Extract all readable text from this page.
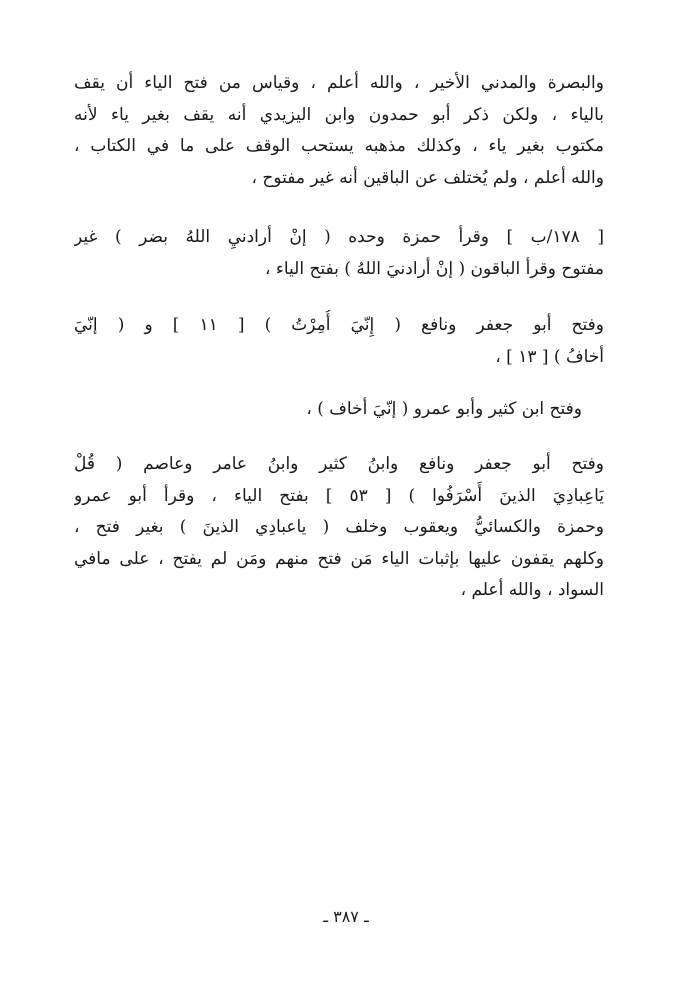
والبصرة والمدني الأخير ، والله أعلم ، وقياس من فتح الياء أن يقف
بالياء ، ولكن ذكر أبو حمدون وابن اليزيدي أنه يقف بغير ياء لأنه
مكتوب بغير ياء ، وكذلك مذهبه يستحب الوقف على ما في الكتاب ،
والله أعلم ، ولم يُختلف عن الباقين أنه غير مفتوح ،
[ ١٧٨/ب ] وقرأ حمزة وحده ( إنْ أرادنيِ اللهُ بضر ) غير
مفتوح وقرأ الباقون ( إنْ أرادنيَ اللهُ ) بفتح الياء ،
وفتح أبو جعفر ونافع ( إِنّيَ أُمِرْتُ ) [ ١١ ] و ( إنّيَ
أخافُ ) [ ١٣ ] ،
وفتح ابن كثير وأبو عمرو ( إنّيَ أخاف ) ،
وفتح أبو جعفر ونافع وابنُ كثير وابنُ عامر وعاصم ( قُلْ
يَاعِبادِيَ الذينَ أَسْرَفُوا ) [ ٥٣ ] بفتح الياء ، وقرأ أبو عمرو
وحمزة والكسائيُّ ويعقوب وخلف ( ياعبادِي الذينَ ) بغير فتح ،
وكلهم يقفون عليها بإثبات الياء مَن فتح منهم ومَن لم يفتح ، على مافي
السواد ، والله أعلم ،
ـ ٣٨٧ ـ
